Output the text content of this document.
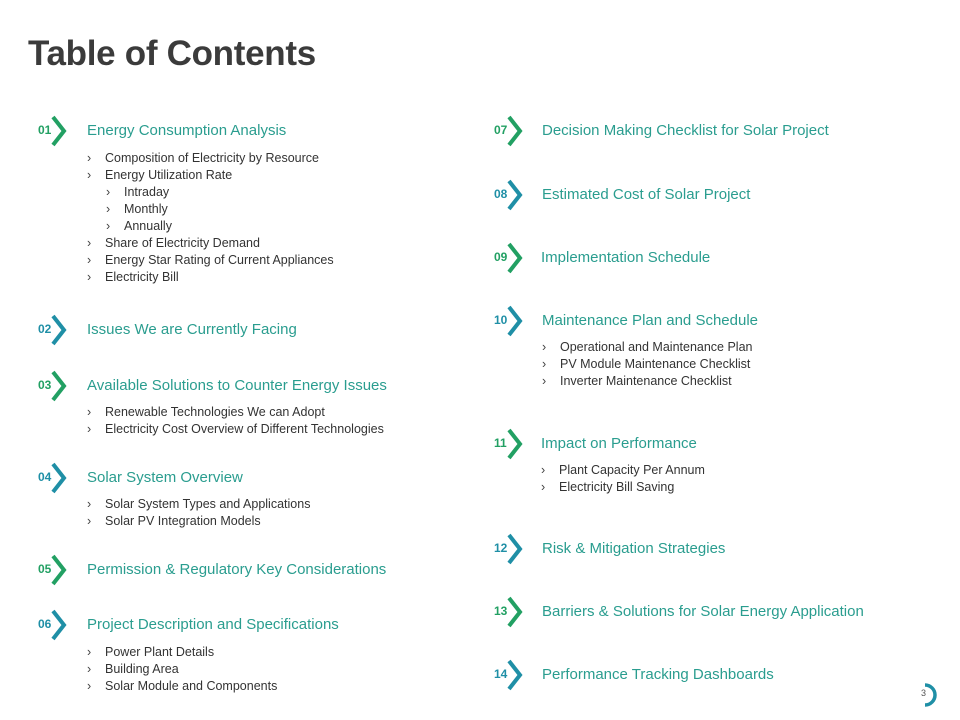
Table of Contents
01 Energy Consumption Analysis
› Composition of Electricity by Resource
› Energy Utilization Rate
› Intraday
› Monthly
› Annually
› Share of Electricity Demand
› Energy Star Rating of Current Appliances
› Electricity Bill
02 Issues We are Currently Facing
03 Available Solutions to Counter Energy Issues
› Renewable Technologies We can Adopt
› Electricity Cost Overview of Different Technologies
04 Solar System Overview
› Solar System Types and Applications
› Solar PV Integration Models
05 Permission & Regulatory Key Considerations
06 Project Description and Specifications
› Power Plant Details
› Building Area
› Solar Module and Components
07 Decision Making Checklist for Solar Project
08 Estimated Cost of Solar Project
09 Implementation Schedule
10 Maintenance Plan and Schedule
› Operational and Maintenance Plan
› PV Module Maintenance Checklist
› Inverter Maintenance Checklist
11 Impact on Performance
› Plant Capacity Per Annum
› Electricity Bill Saving
12 Risk & Mitigation Strategies
13 Barriers & Solutions for Solar Energy Application
14 Performance Tracking Dashboards
3
